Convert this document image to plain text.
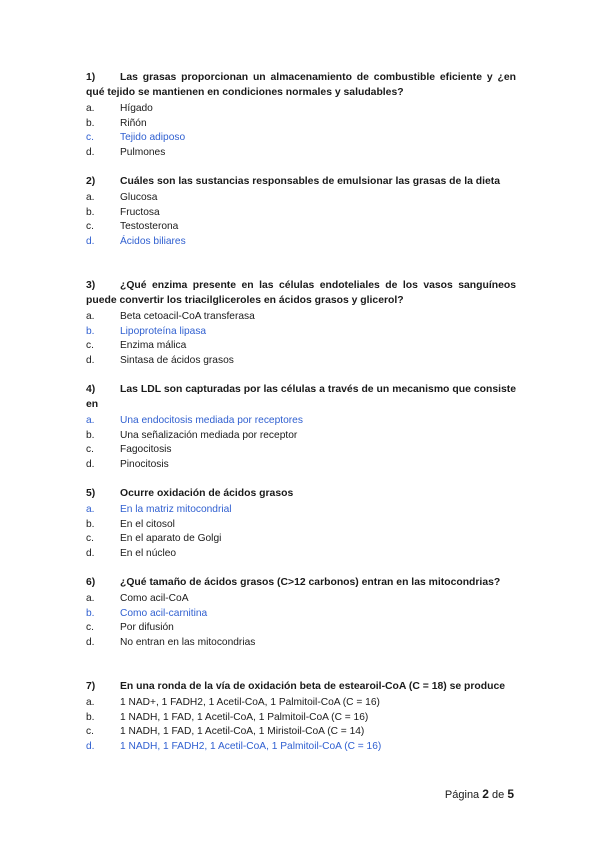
1) Las grasas proporcionan un almacenamiento de combustible eficiente y ¿en qué tejido se mantienen en condiciones normales y saludables?

a.	Hígado
b.	Riñón
c.	Tejido adiposo
d.	Pulmones

2) Cuáles son las sustancias responsables de emulsionar las grasas de la dieta

a.	Glucosa
b.	Fructosa
c.	Testosterona
d.	Ácidos biliares

3) ¿Qué enzima presente en las células endoteliales de los vasos sanguíneos puede convertir los triacilgliceroles en ácidos grasos y glicerol?

a.	Beta cetoacil-CoA transferasa
b.	Lipoproteína lipasa
c.	Enzima málica
d.	Sintasa de ácidos grasos

4) Las LDL son capturadas por las células a través de un mecanismo que consiste en

a.	Una endocitosis mediada por receptores
b.	Una señalización mediada por receptor
c.	Fagocitosis
d.	Pinocitosis

5) Ocurre oxidación de ácidos grasos

a.	En la matriz mitocondrial
b.	En el citosol
c.	En el aparato de Golgi
d.	En el núcleo

6) ¿Qué tamaño de ácidos grasos (C>12 carbonos) entran en las mitocondrias?

a.	Como acil-CoA
b.	Como acil-carnitina
c.	Por difusión
d.	No entran en las mitocondrias

7) En una ronda de la vía de oxidación beta de estearoil-CoA (C = 18) se produce

a.	1 NAD+, 1 FADH2, 1 Acetil-CoA, 1 Palmitoil-CoA (C = 16)
b.	1 NADH, 1 FAD, 1 Acetil-CoA, 1 Palmitoil-CoA (C = 16)
c.	1 NADH, 1 FAD, 1 Acetil-CoA, 1 Miristoil-CoA (C = 14)
d.	1 NADH, 1 FADH2, 1 Acetil-CoA, 1 Palmitoil-CoA (C = 16)
Página 2 de 5
